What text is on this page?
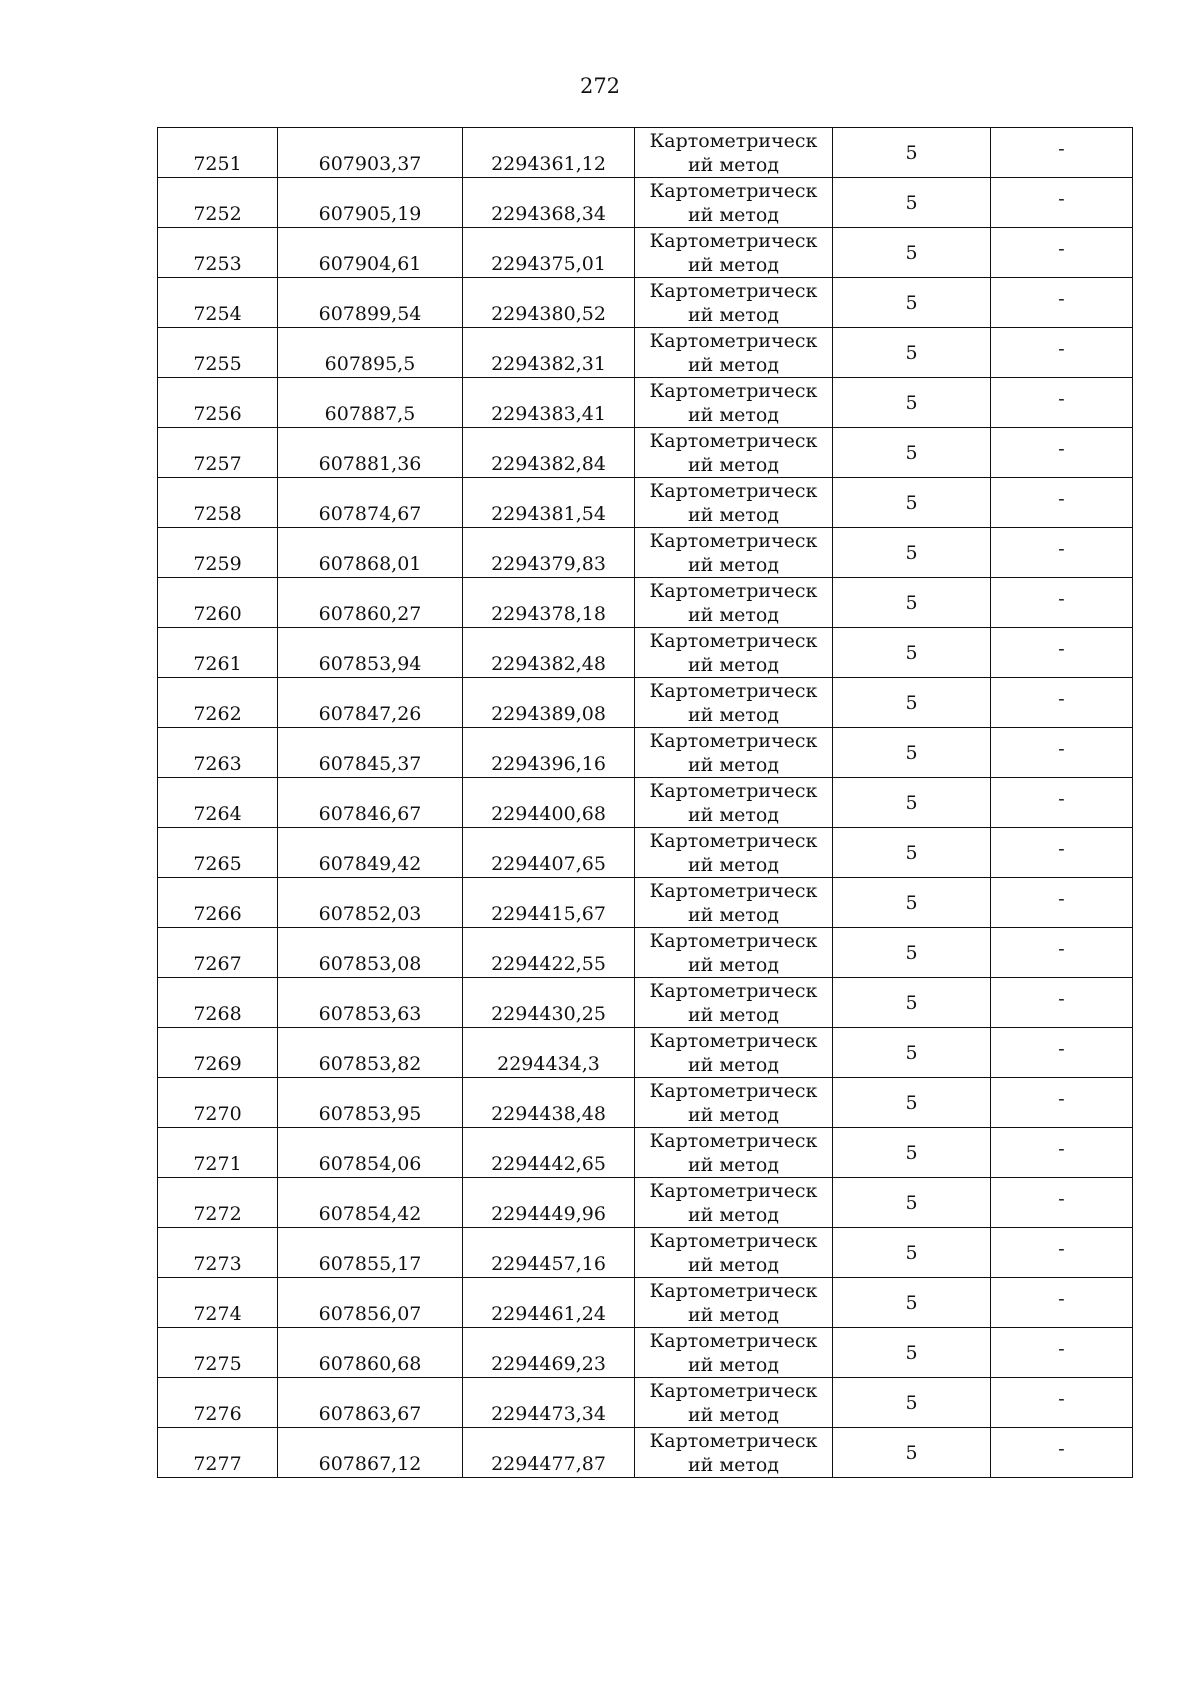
272
7251	607903,37	2294361,12	Картометрический метод	5	-
7252	607905,19	2294368,34	Картометрический метод	5	-
7253	607904,61	2294375,01	Картометрический метод	5	-
7254	607899,54	2294380,52	Картометрический метод	5	-
7255	607895,5	2294382,31	Картометрический метод	5	-
7256	607887,5	2294383,41	Картометрический метод	5	-
7257	607881,36	2294382,84	Картометрический метод	5	-
7258	607874,67	2294381,54	Картометрический метод	5	-
7259	607868,01	2294379,83	Картометрический метод	5	-
7260	607860,27	2294378,18	Картометрический метод	5	-
7261	607853,94	2294382,48	Картометрический метод	5	-
7262	607847,26	2294389,08	Картометрический метод	5	-
7263	607845,37	2294396,16	Картометрический метод	5	-
7264	607846,67	2294400,68	Картометрический метод	5	-
7265	607849,42	2294407,65	Картометрический метод	5	-
7266	607852,03	2294415,67	Картометрический метод	5	-
7267	607853,08	2294422,55	Картометрический метод	5	-
7268	607853,63	2294430,25	Картометрический метод	5	-
7269	607853,82	2294434,3	Картометрический метод	5	-
7270	607853,95	2294438,48	Картометрический метод	5	-
7271	607854,06	2294442,65	Картометрический метод	5	-
7272	607854,42	2294449,96	Картометрический метод	5	-
7273	607855,17	2294457,16	Картометрический метод	5	-
7274	607856,07	2294461,24	Картометрический метод	5	-
7275	607860,68	2294469,23	Картометрический метод	5	-
7276	607863,67	2294473,34	Картометрический метод	5	-
7277	607867,12	2294477,87	Картометрический метод	5	-
